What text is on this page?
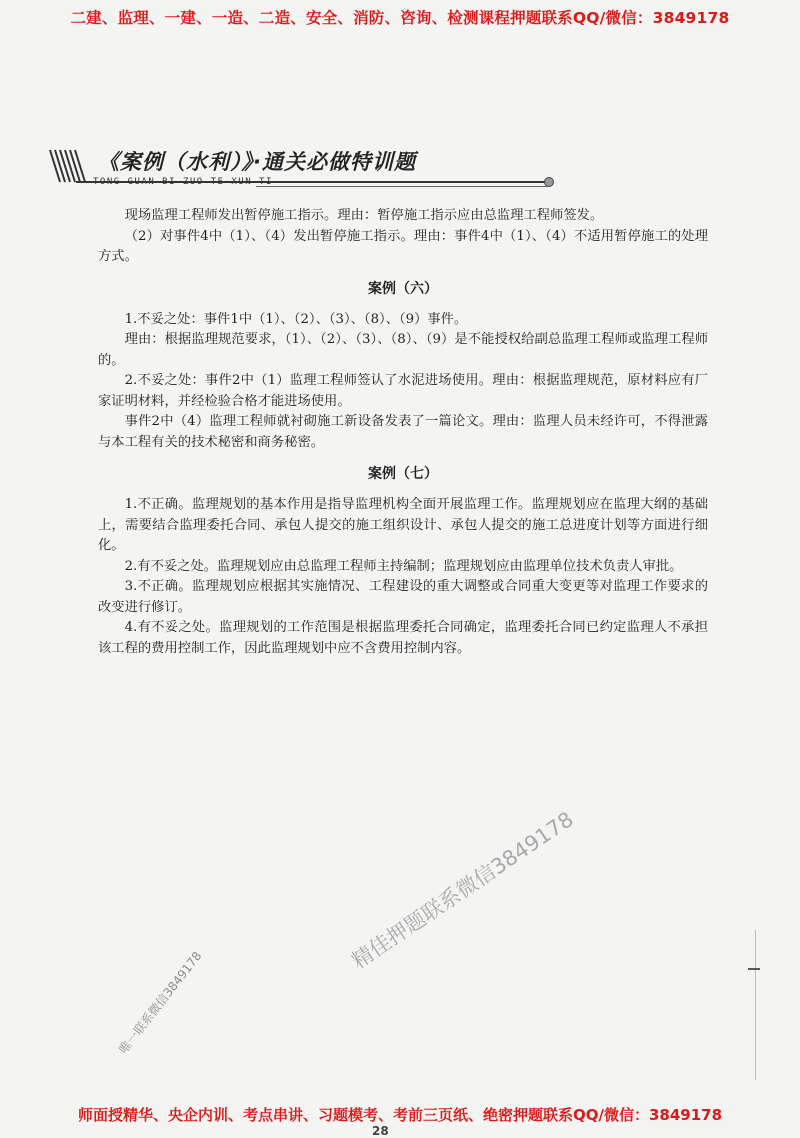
二建、监理、一建、一造、二造、安全、消防、咨询、检测课程押题联系QQ/微信：3849178
《案例（水利）》·通关必做特训题
TONG GUAN BI ZUO TE XUN TI

现场监理工程师发出暂停施工指示。理由：暂停施工指示应由总监理工程师签发。

（2）对事件4中（1）、（4）发出暂停施工指示。理由：事件4中（1）、（4）不适用暂停施工的处理方式。

案例（六）

1.不妥之处：事件1中（1）、（2）、（3）、（8）、（9）事件。

理由：根据监理规范要求，（1）、（2）、（3）、（8）、（9）是不能授权给副总监理工程师或监理工程师的。

2.不妥之处：事件2中（1）监理工程师签认了水泥进场使用。理由：根据监理规范，原材料应有厂家证明材料，并经检验合格才能进场使用。

事件2中（4）监理工程师就衬砌施工新设备发表了一篇论文。理由：监理人员未经许可，不得泄露与本工程有关的技术秘密和商务秘密。

案例（七）

1.不正确。监理规划的基本作用是指导监理机构全面开展监理工作。监理规划应在监理大纲的基础上，需要结合监理委托合同、承包人提交的施工组织设计、承包人提交的施工总进度计划等方面进行细化。

2.有不妥之处。监理规划应由总监理工程师主持编制；监理规划应由监理单位技术负责人审批。

3.不正确。监理规划应根据其实施情况、工程建设的重大调整或合同重大变更等对监理工作要求的改变进行修订。

4.有不妥之处。监理规划的工作范围是根据监理委托合同确定，监理委托合同已约定监理人不承担该工程的费用控制工作，因此监理规划中应不含费用控制内容。

精佳押题联系微信3849178
唯一联系微信3849178
师面授精华、央企内训、考点串讲、习题模考、考前三页纸、绝密押题联系QQ/微信：3849178
28
